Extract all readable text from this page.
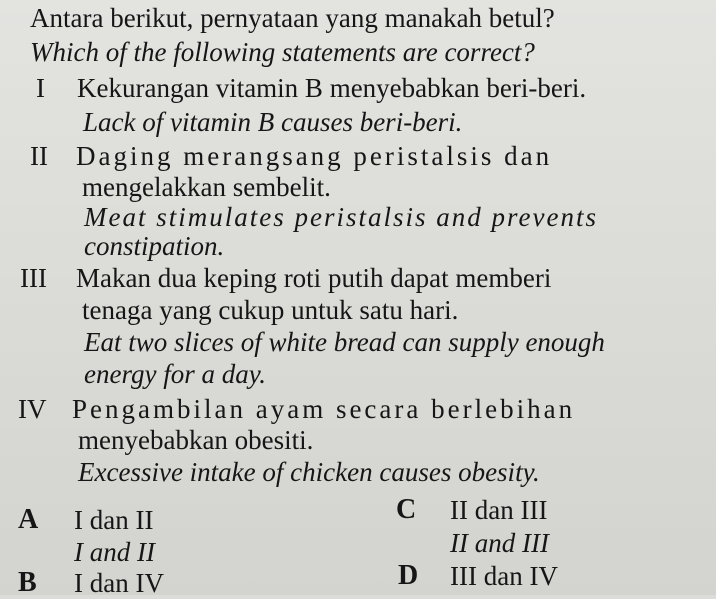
Antara berikut, pernyataan yang manakah betul?
Which of the following statements are correct?
I Kekurangan vitamin B menyebabkan beri-beri.
Lack of vitamin B causes beri-beri.
II Daging merangsang peristalsis dan
mengelakkan sembelit.
Meat stimulates peristalsis and prevents
constipation.
III Makan dua keping roti putih dapat memberi
tenaga yang cukup untuk satu hari.
Eat two slices of white bread can supply enough
energy for a day.
IV Pengambilan ayam secara berlebihan
menyebabkan obesiti.
Excessive intake of chicken causes obesity.
A I dan II
I and II
C II dan III
II and III
B I dan IV	D III dan IV
